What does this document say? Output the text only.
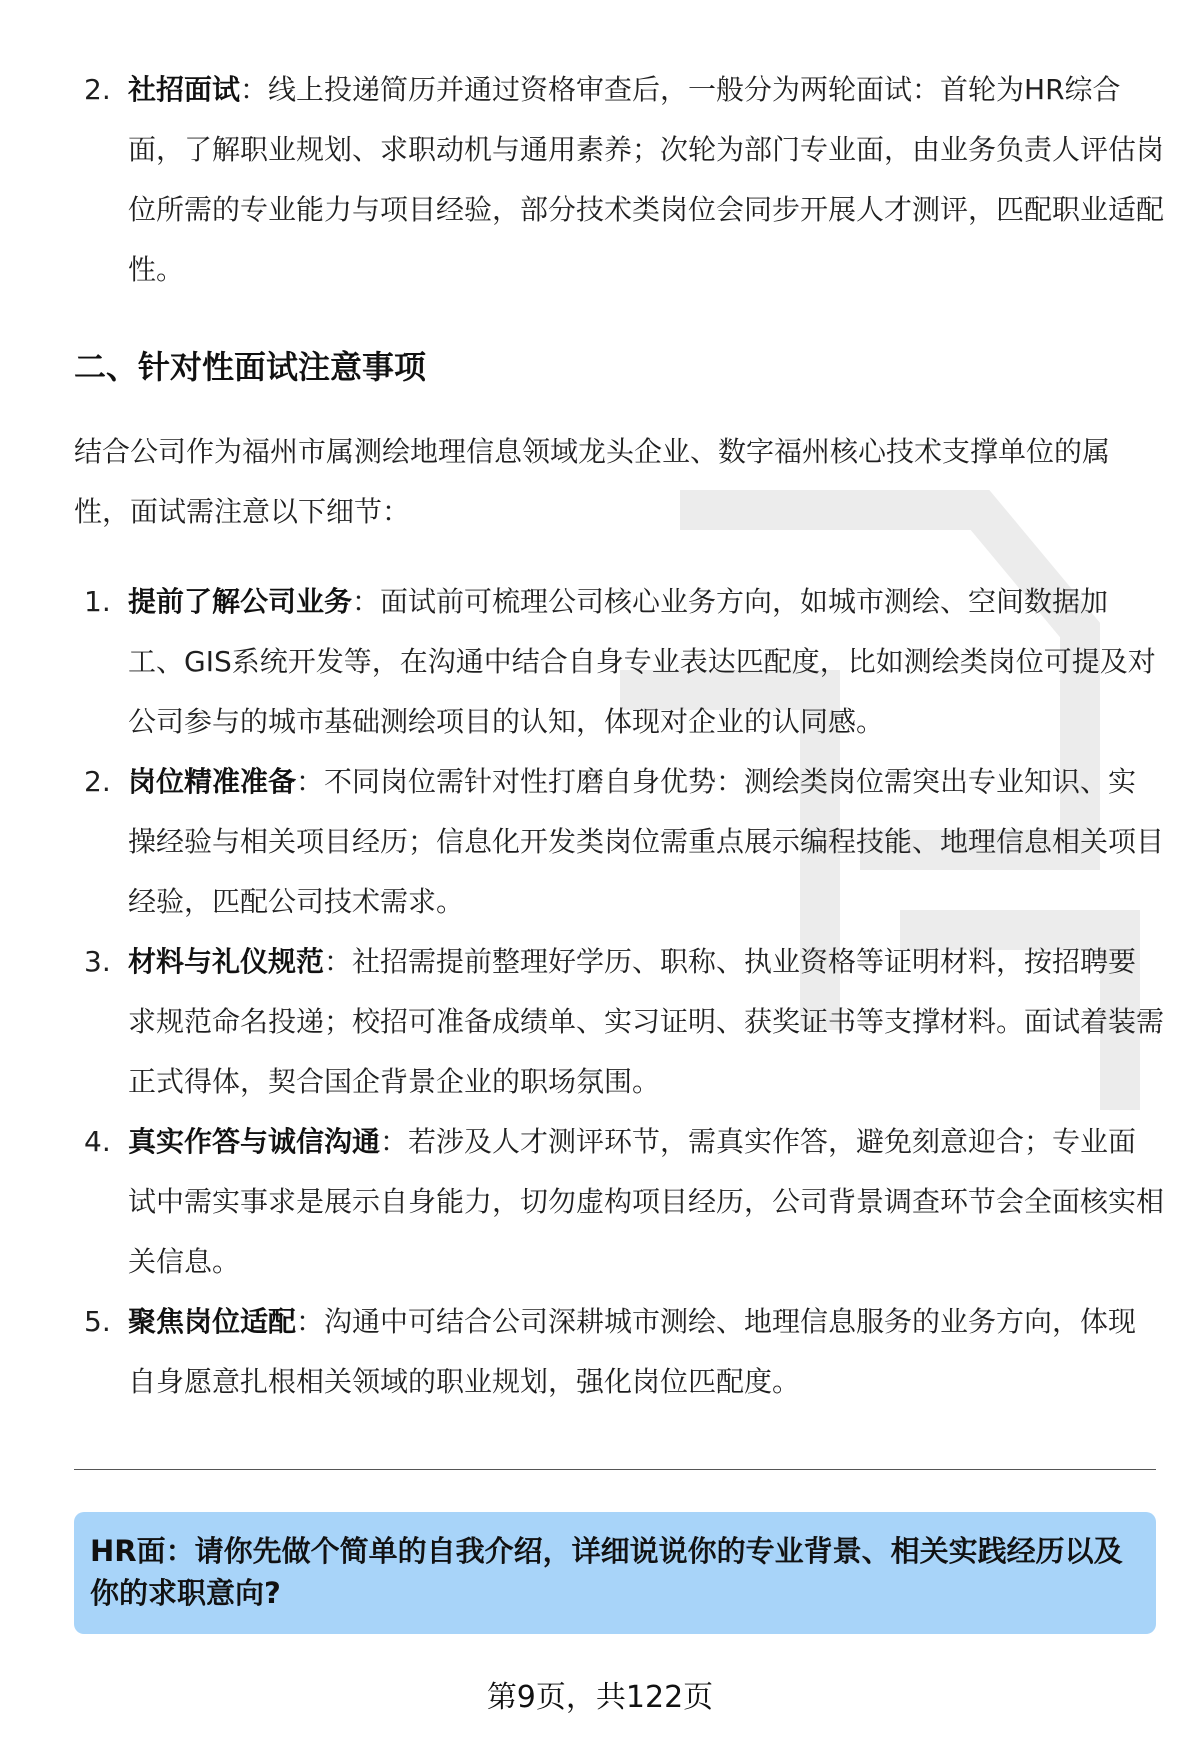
2. 社招面试：线上投递简历并通过资格审查后，一般分为两轮面试：首轮为HR综合面，了解职业规划、求职动机与通用素养；次轮为部门专业面，由业务负责人评估岗位所需的专业能力与项目经验，部分技术类岗位会同步开展人才测评，匹配职业适配性。
二、针对性面试注意事项

结合公司作为福州市属测绘地理信息领域龙头企业、数字福州核心技术支撑单位的属性，面试需注意以下细节：

1. 提前了解公司业务：面试前可梳理公司核心业务方向，如城市测绘、空间数据加工、GIS系统开发等，在沟通中结合自身专业表达匹配度，比如测绘类岗位可提及对公司参与的城市基础测绘项目的认知，体现对企业的认同感。
2. 岗位精准准备：不同岗位需针对性打磨自身优势：测绘类岗位需突出专业知识、实操经验与相关项目经历；信息化开发类岗位需重点展示编程技能、地理信息相关项目经验，匹配公司技术需求。
3. 材料与礼仪规范：社招需提前整理好学历、职称、执业资格等证明材料，按招聘要求规范命名投递；校招可准备成绩单、实习证明、获奖证书等支撑材料。面试着装需正式得体，契合国企背景企业的职场氛围。
4. 真实作答与诚信沟通：若涉及人才测评环节，需真实作答，避免刻意迎合；专业面试中需实事求是展示自身能力，切勿虚构项目经历，公司背景调查环节会全面核实相关信息。
5. 聚焦岗位适配：沟通中可结合公司深耕城市测绘、地理信息服务的业务方向，体现自身愿意扎根相关领域的职业规划，强化岗位匹配度。
HR面：请你先做个简单的自我介绍，详细说说你的专业背景、相关实践经历以及你的求职意向?
第9页，共122页
